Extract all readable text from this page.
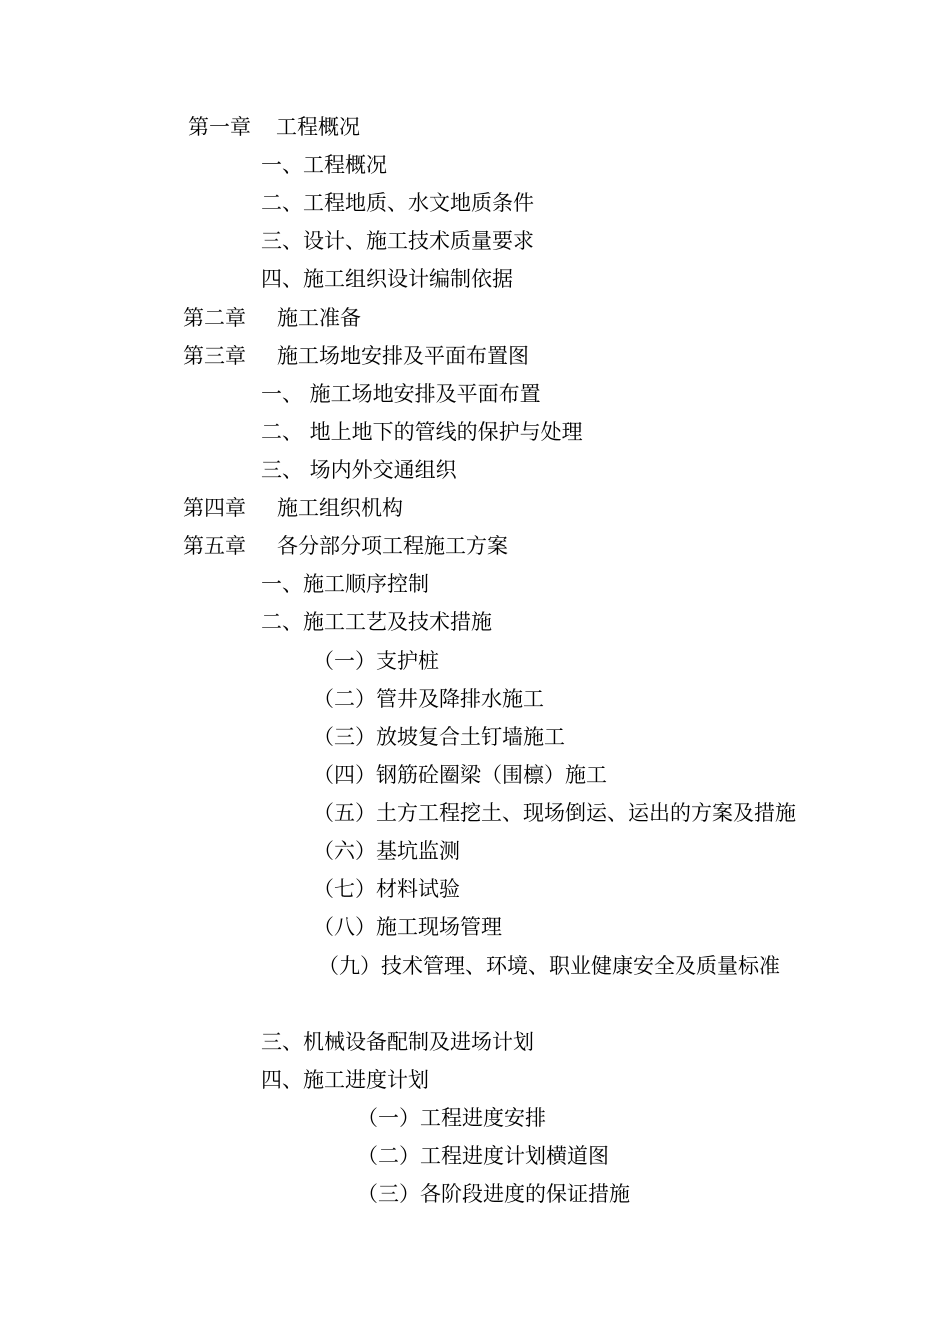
第一章 工程概况
一、工程概况
二、工程地质、水文地质条件
三、设计、施工技术质量要求
四、施工组织设计编制依据
第二章 施工准备
第三章 施工场地安排及平面布置图
一、 施工场地安排及平面布置
二、 地上地下的管线的保护与处理
三、 场内外交通组织
第四章 施工组织机构
第五章 各分部分项工程施工方案
一、施工顺序控制
二、施工工艺及技术措施
（一）支护桩
（二）管井及降排水施工
（三）放坡复合土钉墙施工
（四）钢筋砼圈梁（围檩）施工
（五）土方工程挖土、现场倒运、运出的方案及措施
（六）基坑监测
（七）材料试验
（八）施工现场管理
（九）技术管理、环境、职业健康安全及质量标准
三、机械设备配制及进场计划
四、施工进度计划
（一）工程进度安排
（二）工程进度计划横道图
（三）各阶段进度的保证措施
